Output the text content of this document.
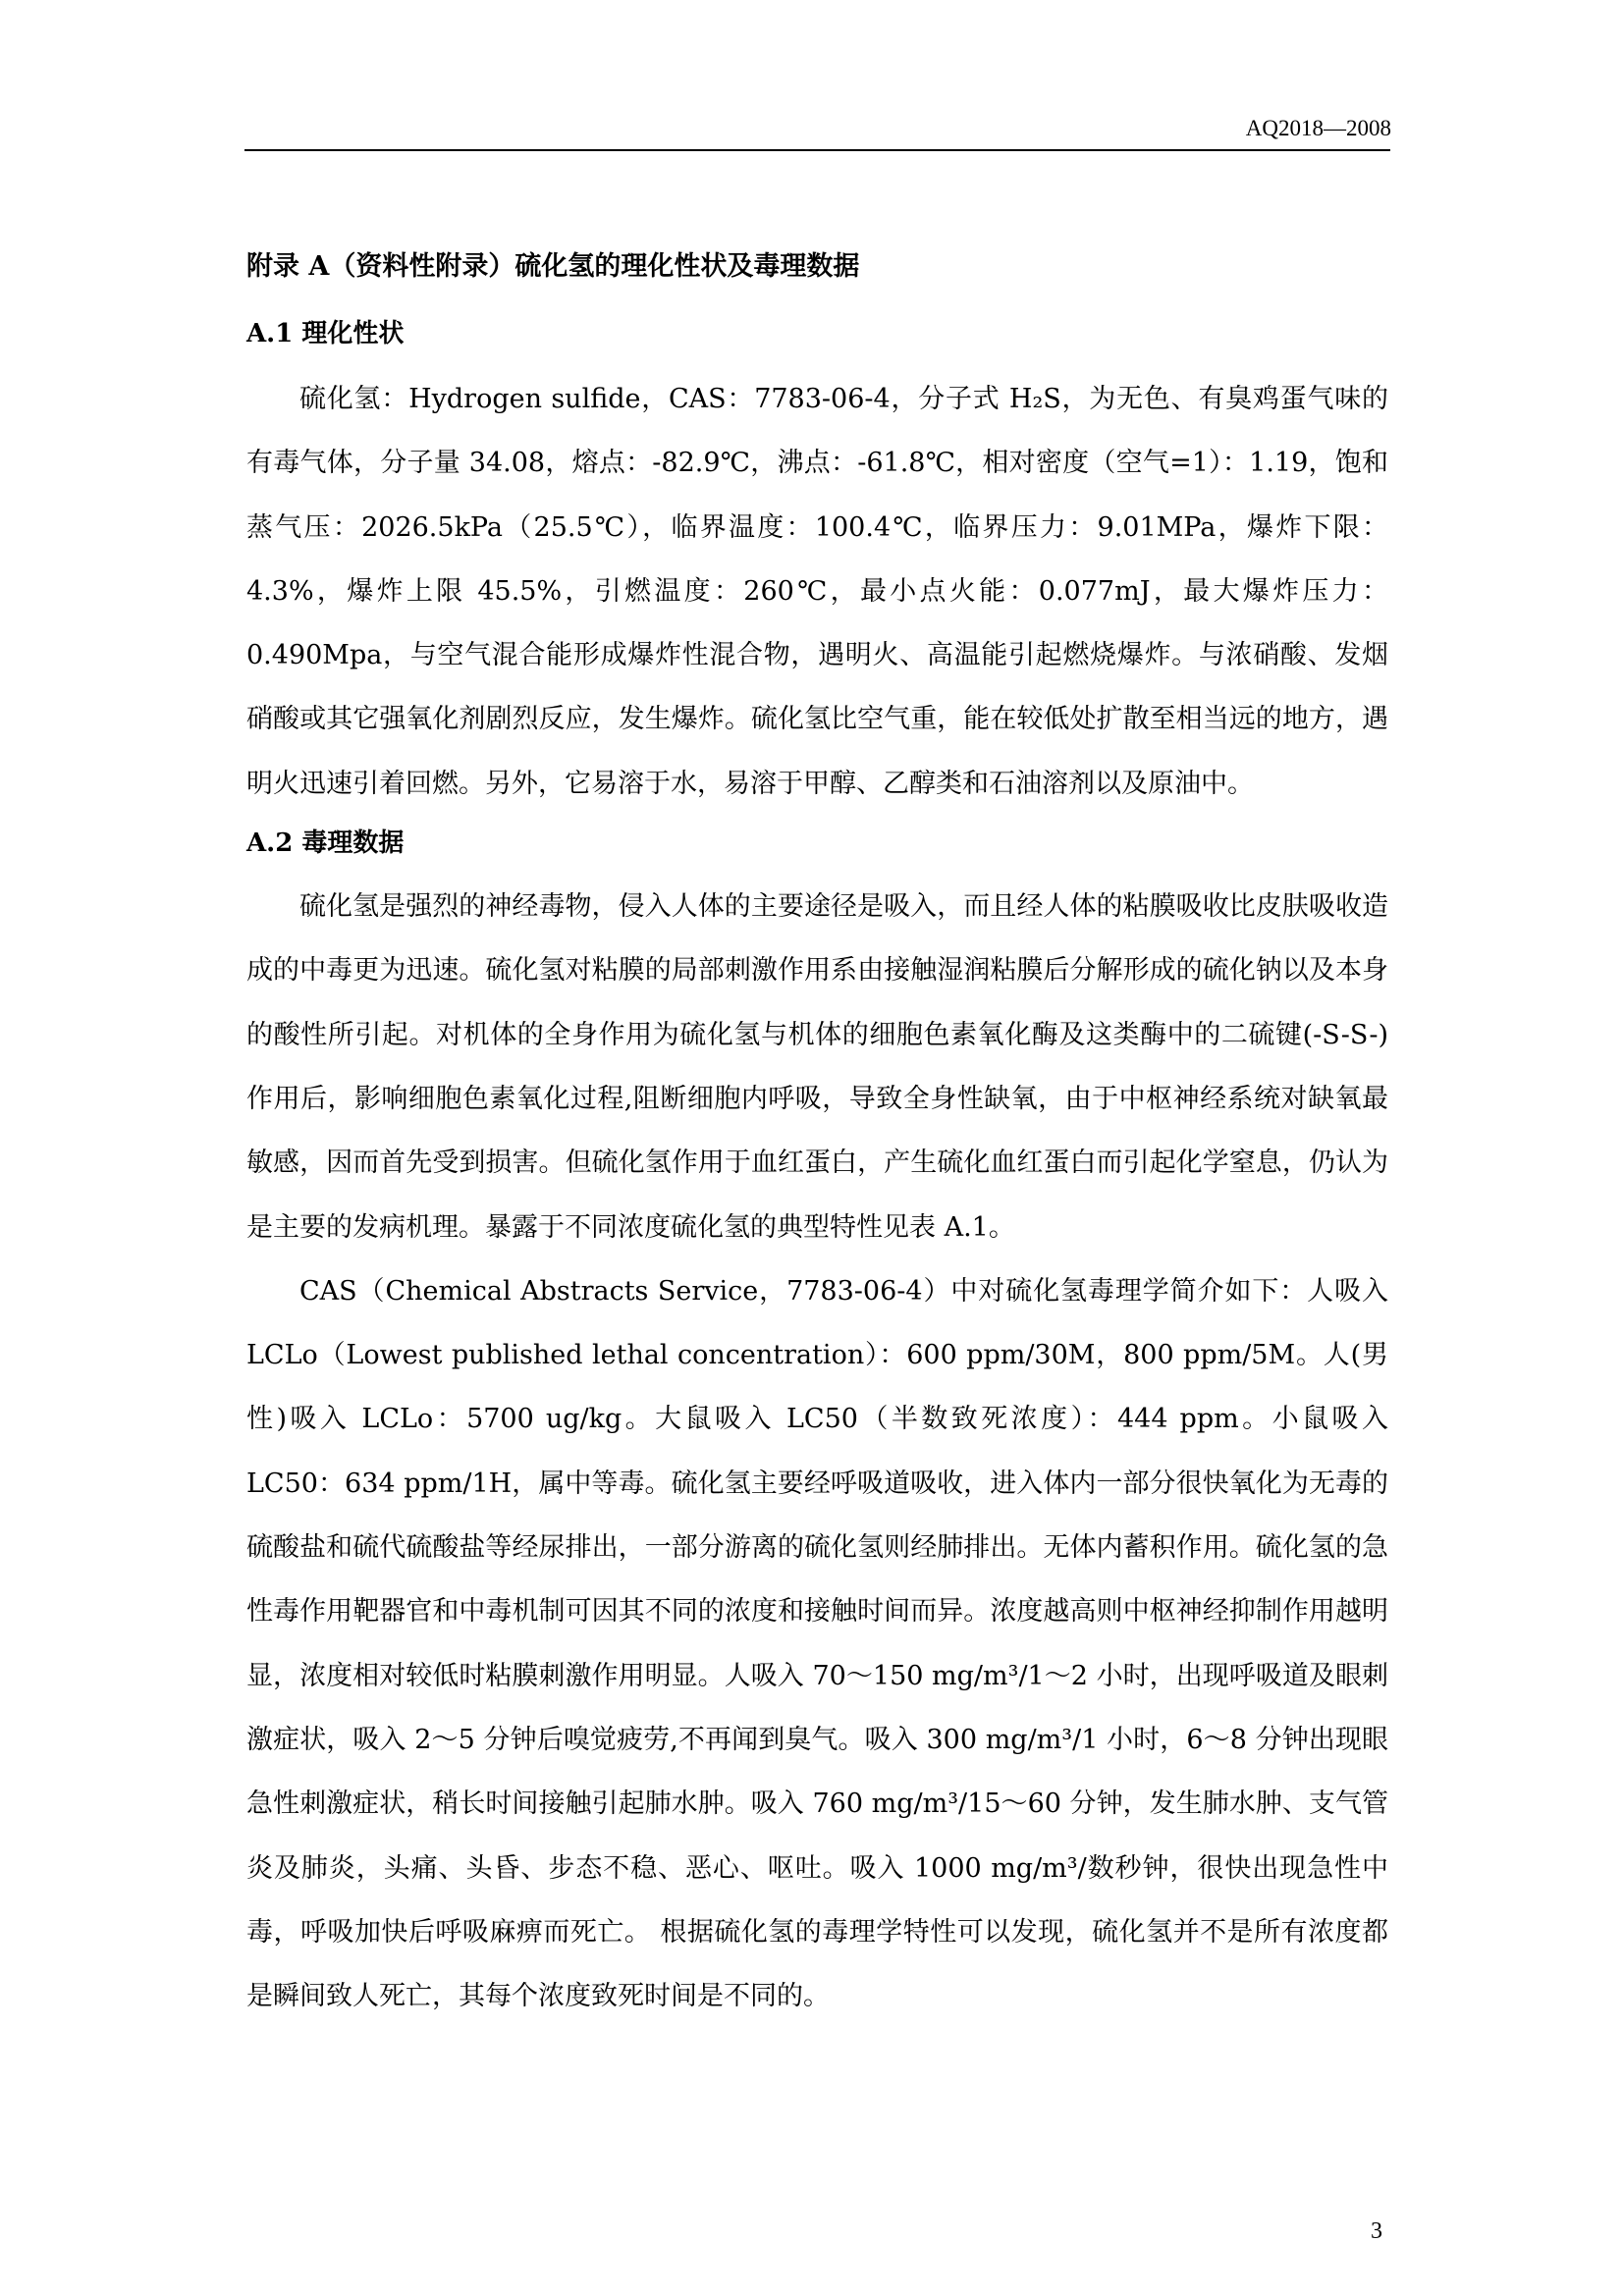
AQ2018—2008
附录 A（资料性附录）硫化氢的理化性状及毒理数据
A.1 理化性状

硫化氢：Hydrogen sulfide，CAS：7783-06-4，分子式 H₂S，为无色、有臭鸡蛋气味的有毒气体，分子量 34.08，熔点：-82.9℃，沸点：-61.8℃，相对密度（空气=1）：1.19，饱和蒸气压：2026.5kPa（25.5℃），临界温度：100.4℃，临界压力：9.01MPa，爆炸下限：4.3%，爆炸上限 45.5%，引燃温度：260℃，最小点火能：0.077mJ，最大爆炸压力：0.490Mpa，与空气混合能形成爆炸性混合物，遇明火、高温能引起燃烧爆炸。与浓硝酸、发烟硝酸或其它强氧化剂剧烈反应，发生爆炸。硫化氢比空气重，能在较低处扩散至相当远的地方，遇明火迅速引着回燃。另外，它易溶于水，易溶于甲醇、乙醇类和石油溶剂以及原油中。

A.2 毒理数据

硫化氢是强烈的神经毒物，侵入人体的主要途径是吸入，而且经人体的粘膜吸收比皮肤吸收造成的中毒更为迅速。硫化氢对粘膜的局部刺激作用系由接触湿润粘膜后分解形成的硫化钠以及本身的酸性所引起。对机体的全身作用为硫化氢与机体的细胞色素氧化酶及这类酶中的二硫键(-S-S-)作用后，影响细胞色素氧化过程,阻断细胞内呼吸，导致全身性缺氧，由于中枢神经系统对缺氧最敏感，因而首先受到损害。但硫化氢作用于血红蛋白，产生硫化血红蛋白而引起化学窒息，仍认为是主要的发病机理。暴露于不同浓度硫化氢的典型特性见表 A.1。

CAS（Chemical Abstracts Service，7783-06-4）中对硫化氢毒理学简介如下：人吸入 LCLo（Lowest published lethal concentration）：600 ppm/30M，800 ppm/5M。人(男性)吸入 LCLo：5700 ug/kg。大鼠吸入 LC50（半数致死浓度）：444 ppm。小鼠吸入 LC50：634 ppm/1H，属中等毒。硫化氢主要经呼吸道吸收，进入体内一部分很快氧化为无毒的硫酸盐和硫代硫酸盐等经尿排出，一部分游离的硫化氢则经肺排出。无体内蓄积作用。硫化氢的急性毒作用靶器官和中毒机制可因其不同的浓度和接触时间而异。浓度越高则中枢神经抑制作用越明显，浓度相对较低时粘膜刺激作用明显。人吸入 70～150 mg/m³/1～2 小时，出现呼吸道及眼刺激症状，吸入 2～5 分钟后嗅觉疲劳,不再闻到臭气。吸入 300 mg/m³/1 小时，6～8 分钟出现眼急性刺激症状，稍长时间接触引起肺水肿。吸入 760 mg/m³/15～60 分钟，发生肺水肿、支气管炎及肺炎，头痛、头昏、步态不稳、恶心、呕吐。吸入 1000 mg/m³/数秒钟，很快出现急性中毒，呼吸加快后呼吸麻痹而死亡。 根据硫化氢的毒理学特性可以发现，硫化氢并不是所有浓度都是瞬间致人死亡，其每个浓度致死时间是不同的。

3
